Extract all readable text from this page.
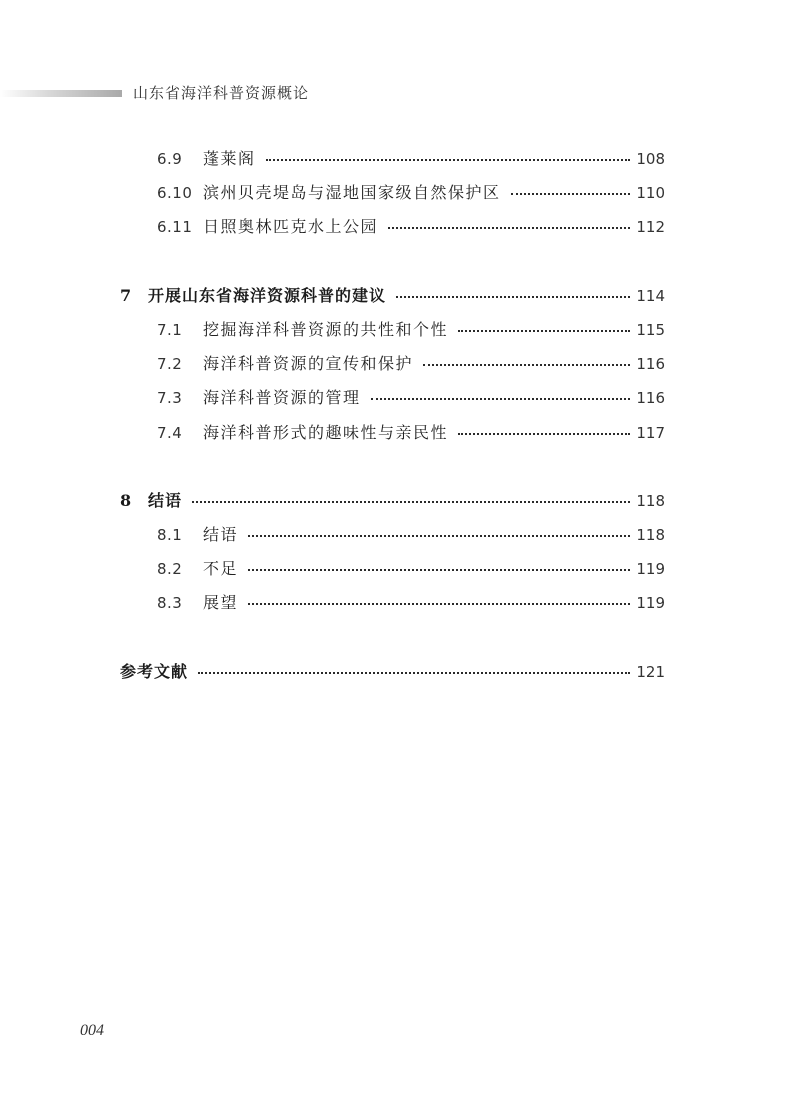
山东省海洋科普资源概论
6.9	蓬莱阁	108
6.10 滨州贝壳堤岛与湿地国家级自然保护区	110
6.11 日照奥林匹克水上公园	112
7	开展山东省海洋资源科普的建议	114
7.1	挖掘海洋科普资源的共性和个性	115
7.2	海洋科普资源的宣传和保护	116
7.3	海洋科普资源的管理	116
7.4	海洋科普形式的趣味性与亲民性	117
8	结语	118
8.1	结语	118
8.2	不足	119
8.3	展望	119
参考文献	121
004
